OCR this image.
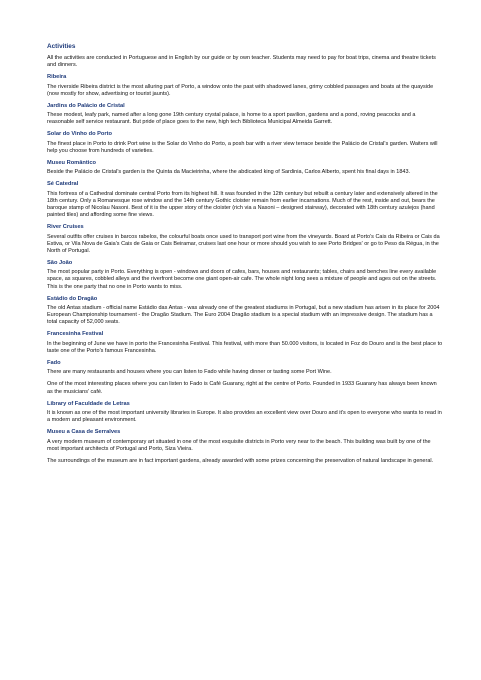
Activities

All the activities are conducted in Portuguese and in English by our guide or by own teacher. Students may need to pay for boat trips, cinema and theatre tickets and dinners.

Ribeira

The riverside Ribeira district is the most alluring part of Porto, a window onto the past with shadowed lanes, grimy cobbled passages and boats at the quayside (now mostly for show, advertising or tourist jaunts).

Jardins do Palácio de Cristal

These modest, leafy park, named after a long gone 19th century crystal palace, is home to a sport pavilion, gardens and a pond, roving peacocks and a reasonable self service restaurant. But pride of place goes to the new, high tech Biblioteca Municipal Almeida Garrett.

Solar do Vinho do Porto

The finest place in Porto to drink Port wine is the Solar do Vinho do Porto, a posh bar with a river view terrace beside the Palácio de Cristal's garden. Waiters will help you choose from hundreds of varieties.

Museu Romântico

Beside the Palácio de Cristal's garden is the Quinta da Macieirinha, where the abdicated king of Sardinia, Carlos Alberto, spent his final days in 1843.

Sé Catedral

This fortress of a Cathedral dominate central Porto from its highest hill. It was founded in the 12th century but rebuilt a century later and extensively altered in the 18th century. Only a Romanesque rose window and the 14th century Gothic cloister remain from earlier incarnations. Much of the rest, inside and out, bears the baroque stamp of Nicolau Nasoni. Best of it is the upper story of the cloister (rich via a Nasoni – designed stairway), decorated with 18th century azulejos (hand painted tiles) and affording some fine views.

River Cruises

Several outfits offer cruises in barcos rabelos, the colourful boats once used to transport port wine from the vineyards. Board at Porto’s Cais da Ribeira or Cais da Estiva, or Vila Nova de Gaia’s Cais de Gaia or Cais Beiramar, cruises last one hour or more should you wish to see Porto Bridges' or go to Peso da Régua, in the North of Portugal.

São João

The most popular party in Porto. Everything is open - windows and doors of cafes, bars, houses and restaurants; tables, chairs and benches line every available space, as squares, cobbled alleys and the riverfront become one giant open-air cafe. The whole night long sees a mixture of people and ages out on the streets. This is the one party that no one in Porto wants to miss.

Estádio do Dragão

The old Antas stadium - official name Estádio das Antas - was already one of the greatest stadiums in Portugal, but a new stadium has arisen in its place for 2004 European Championship tournament - the Dragão Stadium. The Euro 2004 Dragão stadium is a special stadium with an impressive design. The stadium has a total capacity of 52,000 seats.

Francesinha Festival

In the beginning of June we have in porto the Francesinha Festival. This festival, with more than 50.000 visitors, is located in Foz do Douro and is the best place to taste one of the Porto's famous Francesinha.

Fado

There are many restaurants and houses where you can listen to Fado while having dinner or tasting some Port Wine.

One of the most interesting places where you can listen to Fado is Café Guarany, right at the centre of Porto. Founded in 1933 Guarany has always been known as the musicians' café.

Library of Faculdade de Letras

It is known as one of the most important university libraries in Europe. It also provides an excellent view over Douro and it's open to everyone who wants to read in a modern and pleasant environment.

Museu a Casa de Serralves

A very modern museum of contemporary art situated in one of the most exquisite districts in Porto very near to the beach. This building was built by one of the most important architects of Portugal and Porto, Siza Vieira.

The surroundings of the museum are in fact important gardens, already awarded with some prizes concerning the preservation of natural landscape in general.
